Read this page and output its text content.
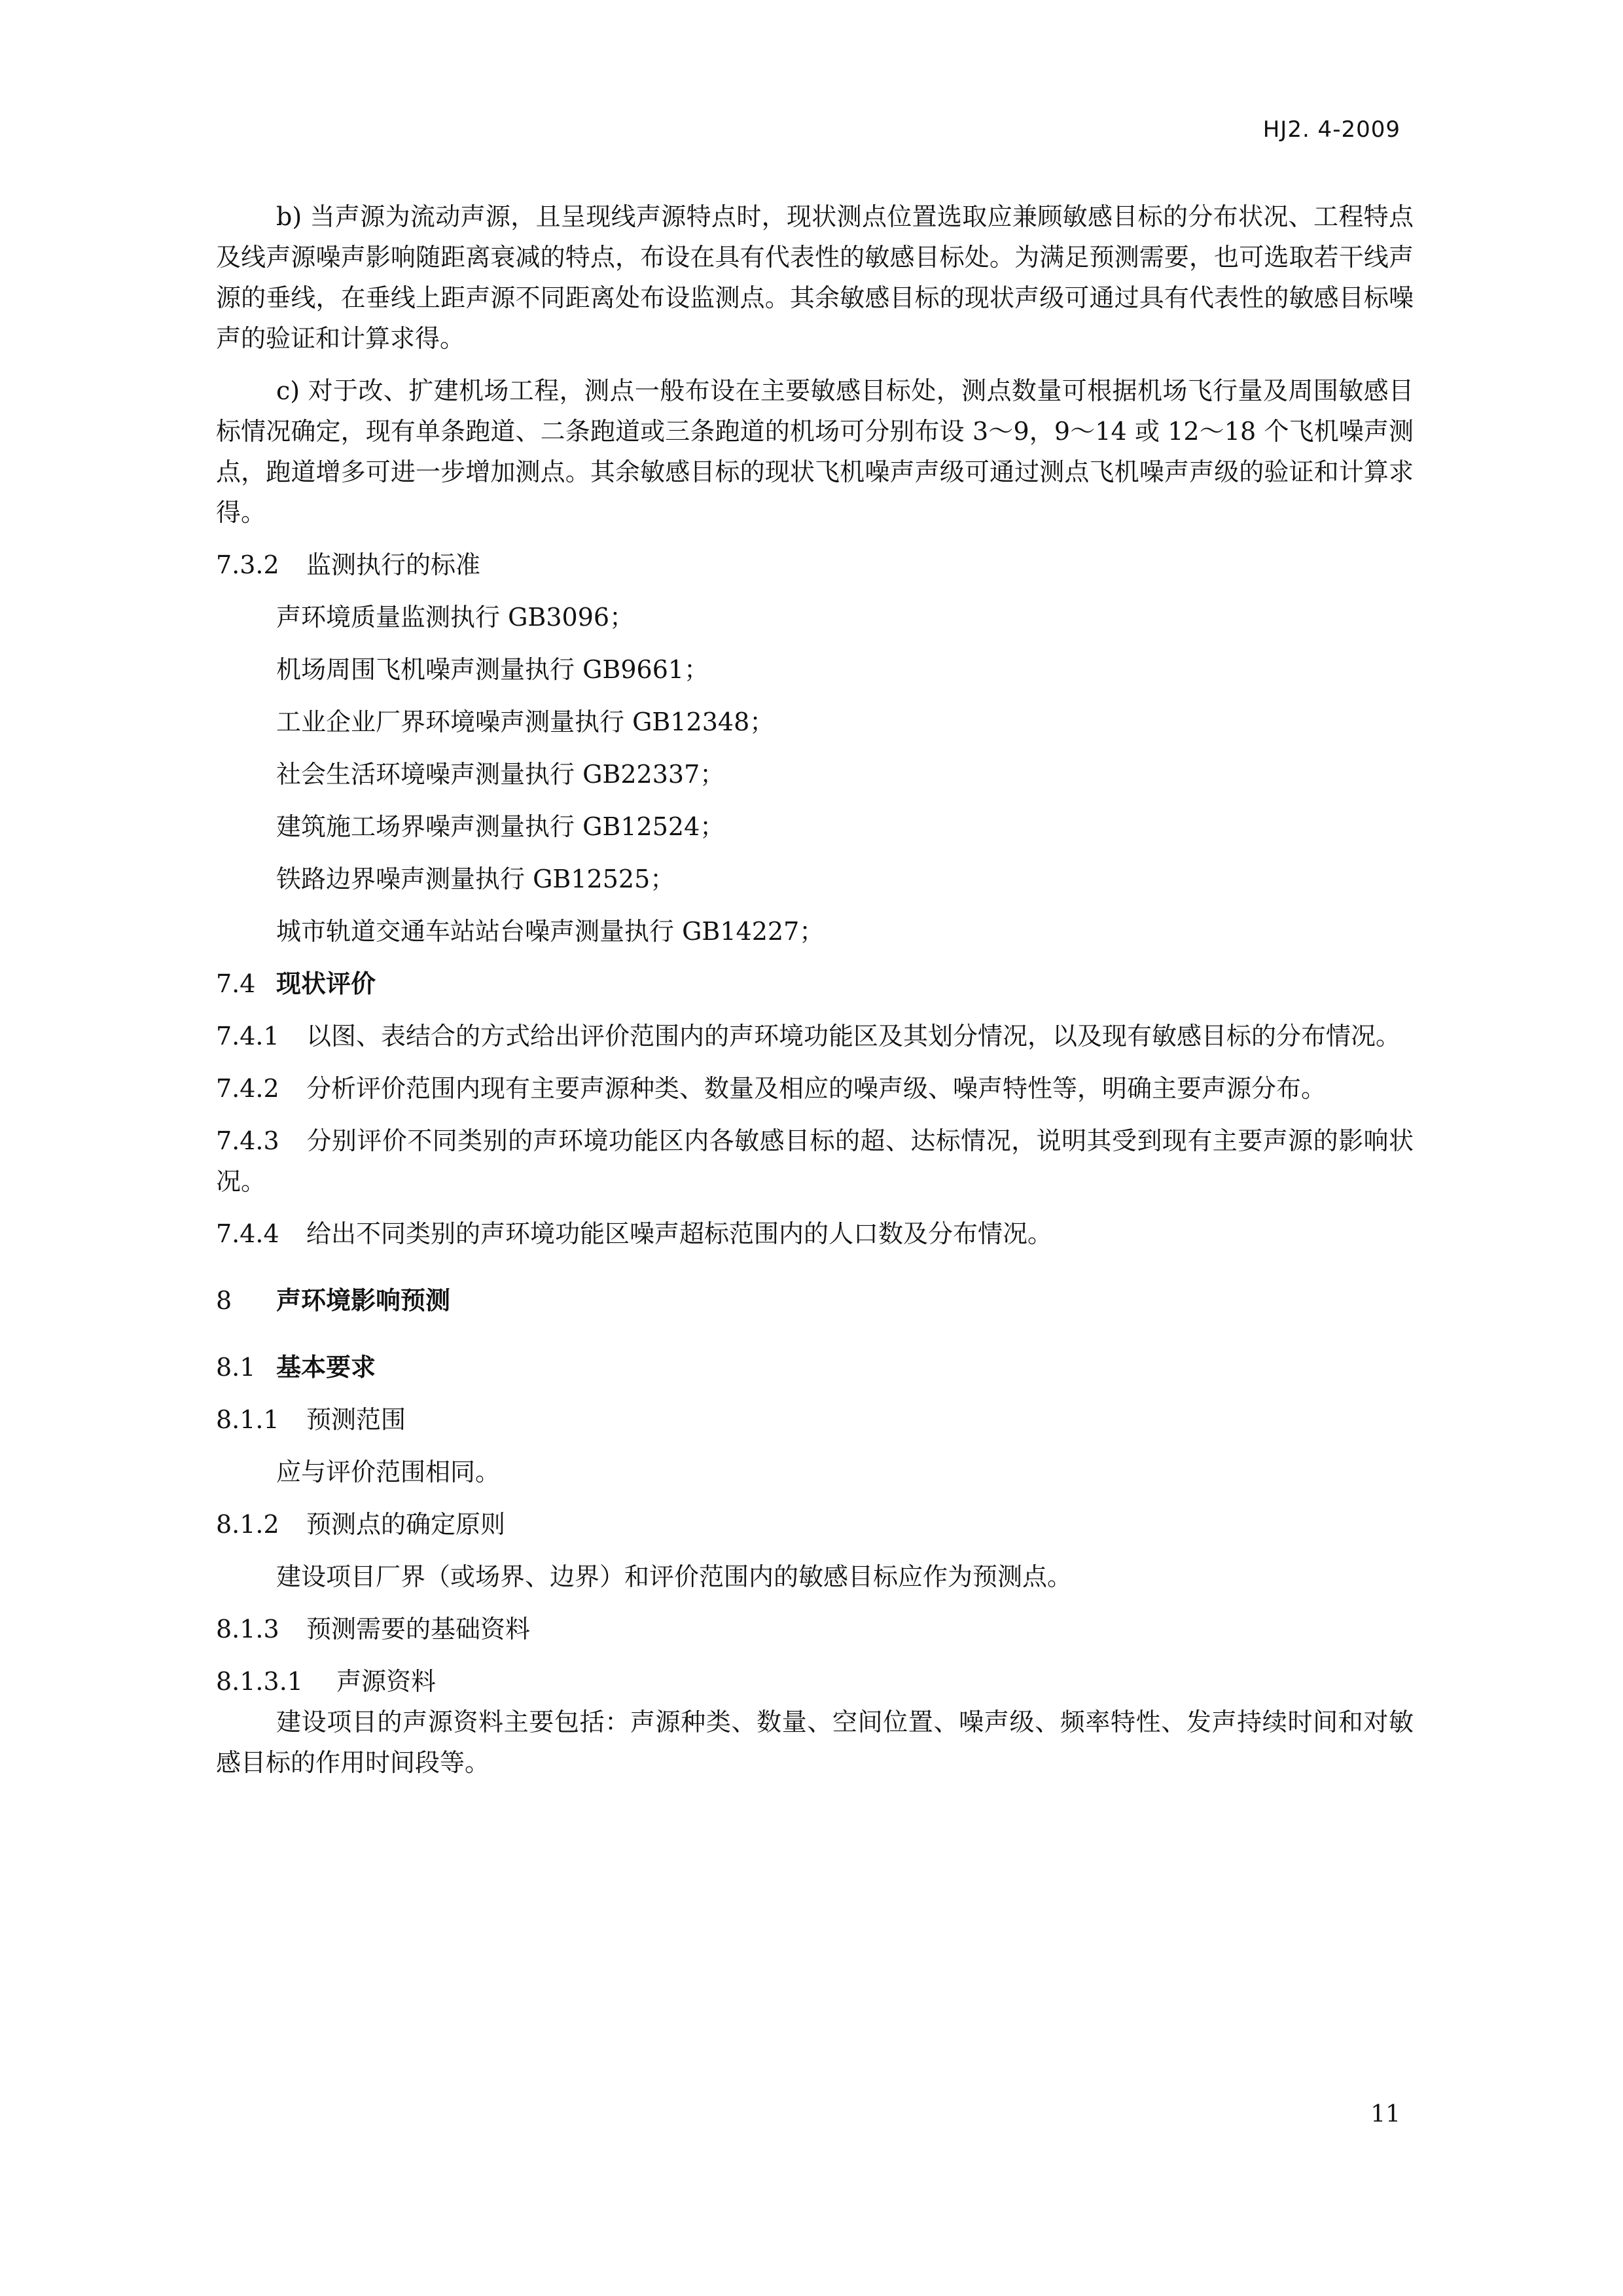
HJ2. 4-2009

b) 当声源为流动声源，且呈现线声源特点时，现状测点位置选取应兼顾敏感目标的分布状况、工程特点及线声源噪声影响随距离衰减的特点，布设在具有代表性的敏感目标处。为满足预测需要，也可选取若干线声源的垂线，在垂线上距声源不同距离处布设监测点。其余敏感目标的现状声级可通过具有代表性的敏感目标噪声的验证和计算求得。

c) 对于改、扩建机场工程，测点一般布设在主要敏感目标处，测点数量可根据机场飞行量及周围敏感目标情况确定，现有单条跑道、二条跑道或三条跑道的机场可分别布设 3～9，9～14 或 12～18 个飞机噪声测点，跑道增多可进一步增加测点。其余敏感目标的现状飞机噪声声级可通过测点飞机噪声声级的验证和计算求得。

7.3.2 监测执行的标准
声环境质量监测执行 GB3096；
机场周围飞机噪声测量执行 GB9661；
工业企业厂界环境噪声测量执行 GB12348；
社会生活环境噪声测量执行 GB22337；
建筑施工场界噪声测量执行 GB12524；
铁路边界噪声测量执行 GB12525；
城市轨道交通车站站台噪声测量执行 GB14227；
7.4 现状评价
7.4.1 以图、表结合的方式给出评价范围内的声环境功能区及其划分情况，以及现有敏感目标的分布情况。
7.4.2 分析评价范围内现有主要声源种类、数量及相应的噪声级、噪声特性等，明确主要声源分布。
7.4.3 分别评价不同类别的声环境功能区内各敏感目标的超、达标情况，说明其受到现有主要声源的影响状况。
7.4.4 给出不同类别的声环境功能区噪声超标范围内的人口数及分布情况。
8 声环境影响预测
8.1 基本要求
8.1.1 预测范围
应与评价范围相同。
8.1.2 预测点的确定原则
建设项目厂界（或场界、边界）和评价范围内的敏感目标应作为预测点。
8.1.3 预测需要的基础资料
8.1.3.1 声源资料

建设项目的声源资料主要包括：声源种类、数量、空间位置、噪声级、频率特性、发声持续时间和对敏感目标的作用时间段等。

11
